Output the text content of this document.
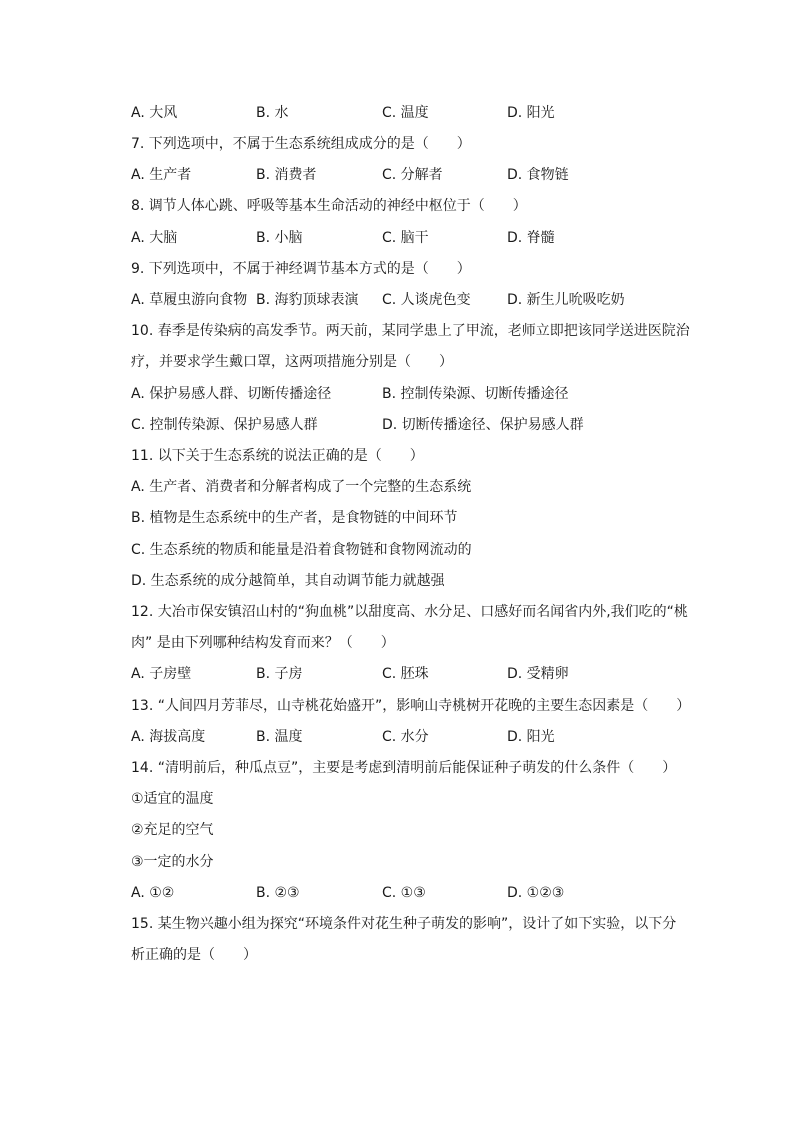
A. 大风	B. 水	C. 温度	D. 阳光
7. 下列选项中，不属于生态系统组成成分的是（　　）
A. 生产者	B. 消费者	C. 分解者	D. 食物链
8. 调节人体心跳、呼吸等基本生命活动的神经中枢位于（　　）
A. 大脑	B. 小脑	C. 脑干	D. 脊髓
9. 下列选项中，不属于神经调节基本方式的是（　　）
A. 草履虫游向食物 B. 海豹顶球表演 C. 人谈虎色变	D. 新生儿吮吸吃奶
10. 春季是传染病的高发季节。两天前，某同学患上了甲流，老师立即把该同学送进医院治
疗，并要求学生戴口罩，这两项措施分别是（　　）
A. 保护易感人群、切断传播途径	B. 控制传染源、切断传播途径
C. 控制传染源、保护易感人群	D. 切断传播途径、保护易感人群
11. 以下关于生态系统的说法正确的是（　　）
A. 生产者、消费者和分解者构成了一个完整的生态系统
B. 植物是生态系统中的生产者，是食物链的中间环节
C. 生态系统的物质和能量是沿着食物链和食物网流动的
D. 生态系统的成分越简单，其自动调节能力就越强
12. 大冶市保安镇沼山村的“狗血桃”以甜度高、水分足、口感好而名闻省内外,我们吃的“桃
肉” 是由下列哪种结构发育而来？（　　）
A. 子房壁	B. 子房	C. 胚珠	D. 受精卵
13. “人间四月芳菲尽，山寺桃花始盛开”，影响山寺桃树开花晚的主要生态因素是（　　）
A. 海拔高度	B. 温度	C. 水分	D. 阳光
14. “清明前后，种瓜点豆”，主要是考虑到清明前后能保证种子萌发的什么条件（　　）
①适宜的温度
②充足的空气
③一定的水分
A. ①②	B. ②③	C. ①③	D. ①②③
15. 某生物兴趣小组为探究“环境条件对花生种子萌发的影响”，设计了如下实验，以下分
析正确的是（　　）
